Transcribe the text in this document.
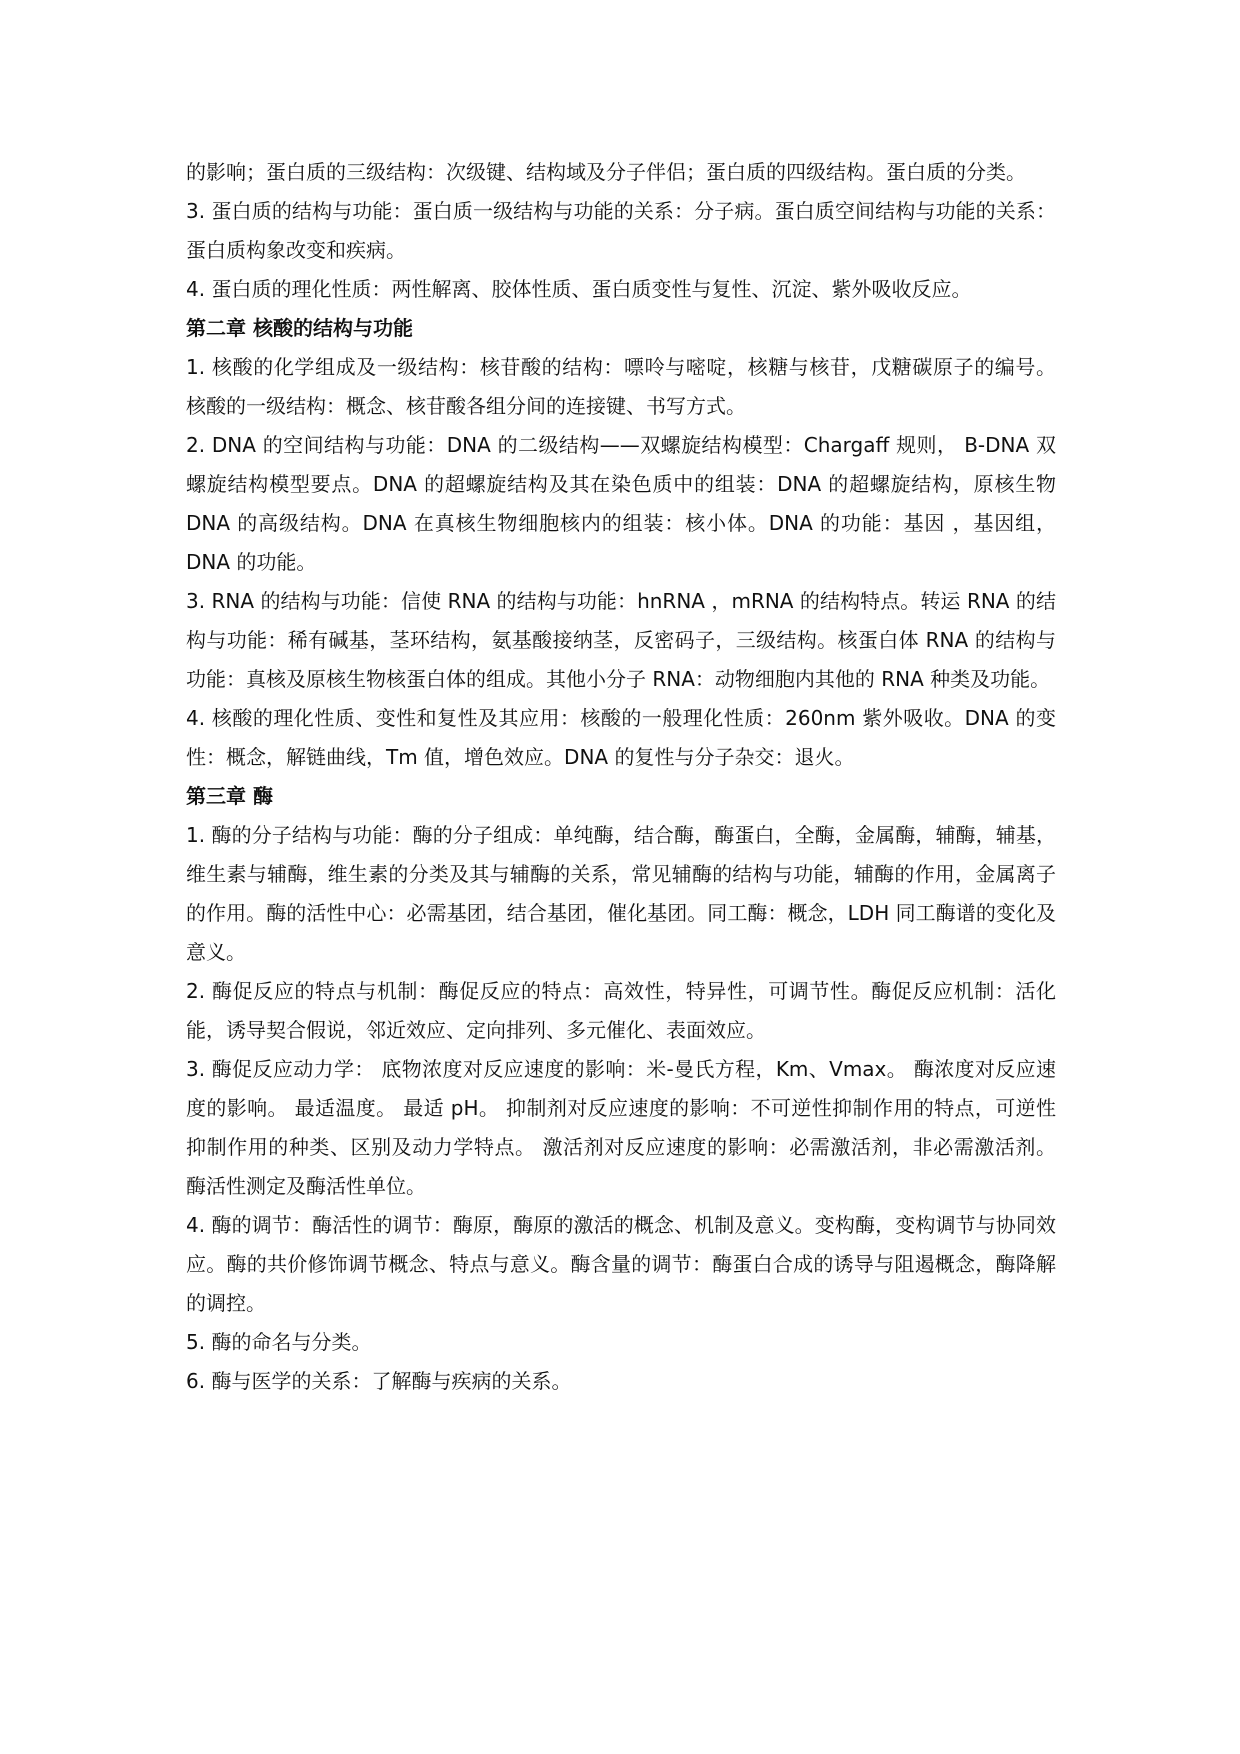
的影响；蛋白质的三级结构：次级键、结构域及分子伴侣；蛋白质的四级结构。蛋白质的分类。

3. 蛋白质的结构与功能：蛋白质一级结构与功能的关系：分子病。蛋白质空间结构与功能的关系：蛋白质构象改变和疾病。

4. 蛋白质的理化性质：两性解离、胶体性质、蛋白质变性与复性、沉淀、紫外吸收反应。

第二章 核酸的结构与功能

1. 核酸的化学组成及一级结构：核苷酸的结构：嘌呤与嘧啶，核糖与核苷，戊糖碳原子的编号。 核酸的一级结构：概念、核苷酸各组分间的连接键、书写方式。

2. DNA 的空间结构与功能：DNA 的二级结构——双螺旋结构模型：Chargaff 规则， B-DNA 双螺旋结构模型要点。DNA 的超螺旋结构及其在染色质中的组装：DNA 的超螺旋结构，原核生物 DNA 的高级结构。DNA 在真核生物细胞核内的组装：核小体。DNA 的功能：基因 ，基因组，DNA 的功能。

3. RNA 的结构与功能：信使 RNA 的结构与功能：hnRNA ，mRNA 的结构特点。转运 RNA 的结构与功能：稀有碱基，茎环结构，氨基酸接纳茎，反密码子，三级结构。核蛋白体 RNA 的结构与功能：真核及原核生物核蛋白体的组成。其他小分子 RNA：动物细胞内其他的 RNA 种类及功能。

4. 核酸的理化性质、变性和复性及其应用：核酸的一般理化性质：260nm 紫外吸收。DNA 的变性：概念，解链曲线，Tm 值，增色效应。DNA 的复性与分子杂交：退火。

第三章 酶

1. 酶的分子结构与功能：酶的分子组成：单纯酶，结合酶，酶蛋白，全酶，金属酶，辅酶，辅基，维生素与辅酶，维生素的分类及其与辅酶的关系，常见辅酶的结构与功能，辅酶的作用，金属离子的作用。酶的活性中心：必需基团，结合基团，催化基团。同工酶：概念，LDH 同工酶谱的变化及意义。

2. 酶促反应的特点与机制：酶促反应的特点：高效性，特异性，可调节性。酶促反应机制：活化能，诱导契合假说，邻近效应、定向排列、多元催化、表面效应。

3. 酶促反应动力学： 底物浓度对反应速度的影响：米-曼氏方程，Km、Vmax。 酶浓度对反应速度的影响。 最适温度。 最适 pH。 抑制剂对反应速度的影响：不可逆性抑制作用的特点，可逆性抑制作用的种类、区别及动力学特点。 激活剂对反应速度的影响：必需激活剂，非必需激活剂。 酶活性测定及酶活性单位。

4. 酶的调节：酶活性的调节：酶原，酶原的激活的概念、机制及意义。变构酶，变构调节与协同效应。酶的共价修饰调节概念、特点与意义。酶含量的调节：酶蛋白合成的诱导与阻遏概念，酶降解的调控。

5. 酶的命名与分类。

6. 酶与医学的关系：了解酶与疾病的关系。
